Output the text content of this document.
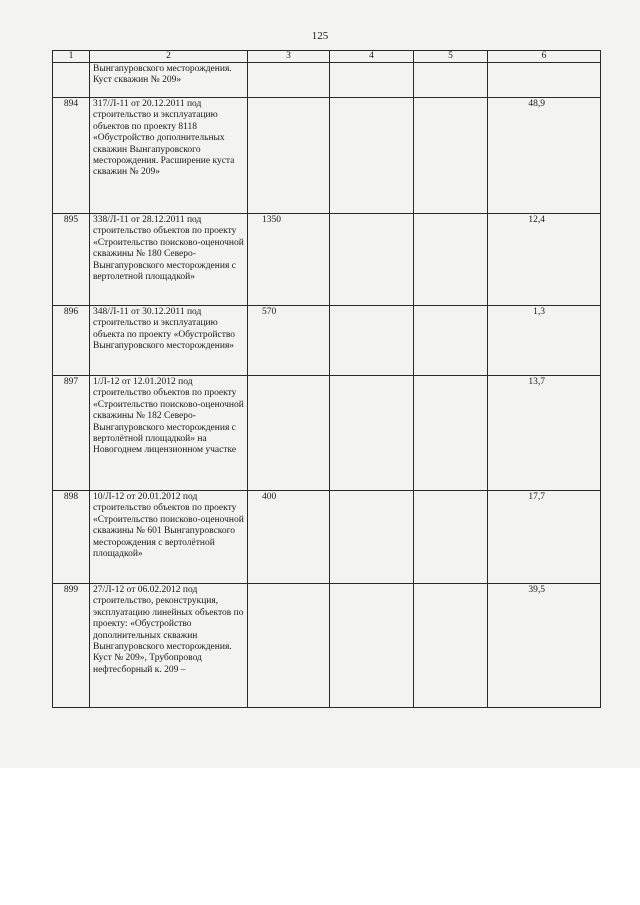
125
1	2	3	4	5	6
	Вынгапуровского месторождения. Куст скважин № 209»				
894	317/Л-11 от 20.12.2011 под строительство и эксплуатацию объектов по проекту 8118 «Обустройство дополнительных скважин Вынгапуровского месторождения. Расширение куста скважин № 209»				48,9
895	338/Л-11 от 28.12.2011 под строительство объектов по проекту «Строительство поисково-оценочной скважины № 180 Северо-Вынгапуровского месторождения с вертолетной площадкой»	1350			12,4
896	348/Л-11 от 30.12.2011 под строительство и эксплуатацию объекта по проекту «Обустройство Вынгапуровского месторождения»	570			1,3
897	1/Л-12 от 12.01.2012 под строительство объектов по проекту «Строительство поисково-оценочной скважины № 182 Северо-Вынгапуровского месторождения с вертолётной площадкой» на Новогоднем лицензионном участке				13,7
898	10/Л-12 от 20.01.2012 под строительство объектов по проекту «Строительство поисково-оценочной скважины № 601 Вынгапуровского месторождения с вертолётной площадкой»	400			17,7
899	27/Л-12 от 06.02.2012 под строительство, реконструкция, эксплуатацию линейных объектов по проекту: «Обустройство дополнительных скважин Вынгапуровского месторождения. Куст № 209», Трубопровод нефтесборный к. 209 –				39,5
